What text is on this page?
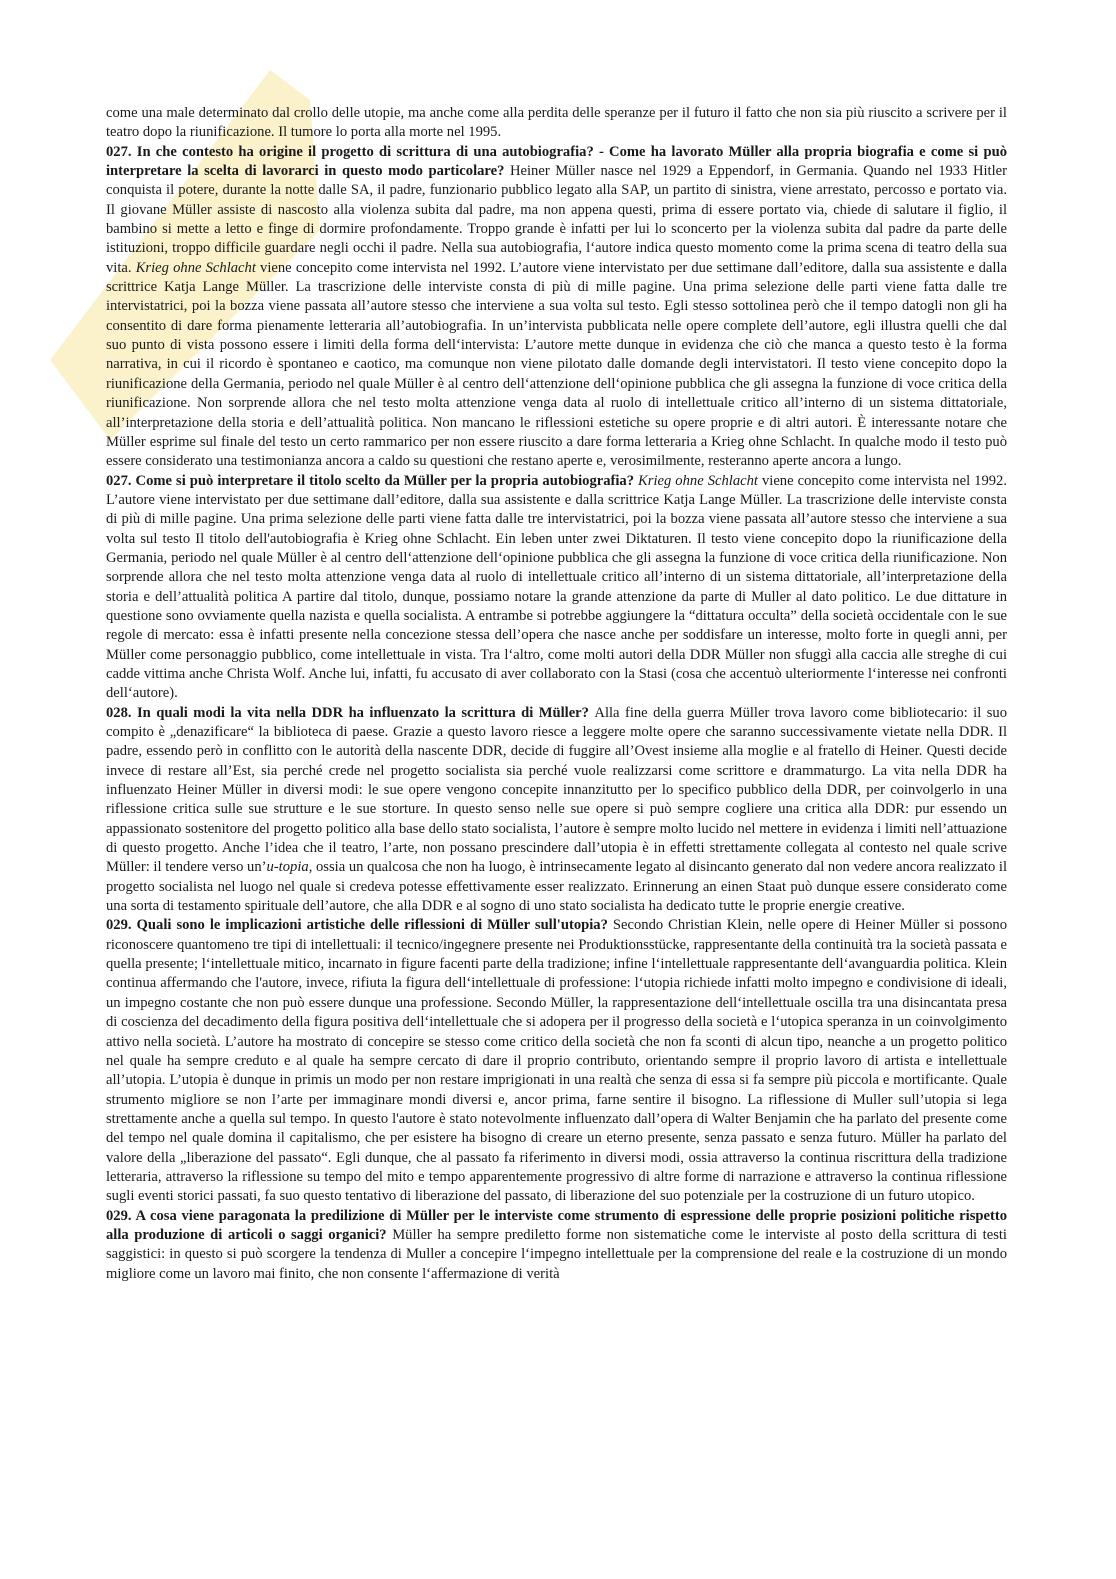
come una male determinato dal crollo delle utopie, ma anche come alla perdita delle speranze per il futuro il fatto che non sia più riuscito a scrivere per il teatro dopo la riunificazione. Il tumore lo porta alla morte nel 1995.

027. In che contesto ha origine il progetto di scrittura di una autobiografia? - Come ha lavorato Müller alla propria biografia e come si può interpretare la scelta di lavorarci in questo modo particolare? Heiner Müller nasce nel 1929 a Eppendorf, in Germania. Quando nel 1933 Hitler conquista il potere, durante la notte dalle SA, il padre, funzionario pubblico legato alla SAP, un partito di sinistra, viene arrestato, percosso e portato via. Il giovane Müller assiste di nascosto alla violenza subita dal padre, ma non appena questi, prima di essere portato via, chiede di salutare il figlio, il bambino si mette a letto e finge di dormire profondamente. Troppo grande è infatti per lui lo sconcerto per la violenza subita dal padre da parte delle istituzioni, troppo difficile guardare negli occhi il padre. Nella sua autobiografia, l‘autore indica questo momento come la prima scena di teatro della sua vita. Krieg ohne Schlacht viene concepito come intervista nel 1992. L’autore viene intervistato per due settimane dall’editore, dalla sua assistente e dalla scrittrice Katja Lange Müller. La trascrizione delle interviste consta di più di mille pagine. Una prima selezione delle parti viene fatta dalle tre intervistatrici, poi la bozza viene passata all’autore stesso che interviene a sua volta sul testo. Egli stesso sottolinea però che il tempo datogli non gli ha consentito di dare forma pienamente letteraria all’autobiografia. In un’intervista pubblicata nelle opere complete dell’autore, egli illustra quelli che dal suo punto di vista possono essere i limiti della forma dell‘intervista: L’autore mette dunque in evidenza che ciò che manca a questo testo è la forma narrativa, in cui il ricordo è spontaneo e caotico, ma comunque non viene pilotato dalle domande degli intervistatori. Il testo viene concepito dopo la riunificazione della Germania, periodo nel quale Müller è al centro dell‘attenzione dell‘opinione pubblica che gli assegna la funzione di voce critica della riunificazione. Non sorprende allora che nel testo molta attenzione venga data al ruolo di intellettuale critico all’interno di un sistema dittatoriale, all’interpretazione della storia e dell’attualità politica. Non mancano le riflessioni estetiche su opere proprie e di altri autori. È interessante notare che Müller esprime sul finale del testo un certo rammarico per non essere riuscito a dare forma letteraria a Krieg ohne Schlacht. In qualche modo il testo può essere considerato una testimonianza ancora a caldo su questioni che restano aperte e, verosimilmente, resteranno aperte ancora a lungo.

027. Come si può interpretare il titolo scelto da Müller per la propria autobiografia? Krieg ohne Schlacht viene concepito come intervista nel 1992. L’autore viene intervistato per due settimane dall’editore, dalla sua assistente e dalla scrittrice Katja Lange Müller. La trascrizione delle interviste consta di più di mille pagine. Una prima selezione delle parti viene fatta dalle tre intervistatrici, poi la bozza viene passata all’autore stesso che interviene a sua volta sul testo Il titolo dell'autobiografia è Krieg ohne Schlacht. Ein leben unter zwei Diktaturen. Il testo viene concepito dopo la riunificazione della Germania, periodo nel quale Müller è al centro dell‘attenzione dell‘opinione pubblica che gli assegna la funzione di voce critica della riunificazione. Non sorprende allora che nel testo molta attenzione venga data al ruolo di intellettuale critico all’interno di un sistema dittatoriale, all’interpretazione della storia e dell’attualità politica A partire dal titolo, dunque, possiamo notare la grande attenzione da parte di Muller al dato politico. Le due dittature in questione sono ovviamente quella nazista e quella socialista. A entrambe si potrebbe aggiungere la “dittatura occulta” della società occidentale con le sue regole di mercato: essa è infatti presente nella concezione stessa dell’opera che nasce anche per soddisfare un interesse, molto forte in quegli anni, per Müller come personaggio pubblico, come intellettuale in vista. Tra l‘altro, come molti autori della DDR Müller non sfuggì alla caccia alle streghe di cui cadde vittima anche Christa Wolf. Anche lui, infatti, fu accusato di aver collaborato con la Stasi (cosa che accentuò ulteriormente l‘interesse nei confronti dell‘autore).

028. In quali modi la vita nella DDR ha influenzato la scrittura di Müller? Alla fine della guerra Müller trova lavoro come bibliotecario: il suo compito è „denazificare“ la biblioteca di paese. Grazie a questo lavoro riesce a leggere molte opere che saranno successivamente vietate nella DDR. Il padre, essendo però in conflitto con le autorità della nascente DDR, decide di fuggire all’Ovest insieme alla moglie e al fratello di Heiner. Questi decide invece di restare all’Est, sia perché crede nel progetto socialista sia perché vuole realizzarsi come scrittore e drammaturgo. La vita nella DDR ha influenzato Heiner Müller in diversi modi: le sue opere vengono concepite innanzitutto per lo specifico pubblico della DDR, per coinvolgerlo in una riflessione critica sulle sue strutture e le sue storture. In questo senso nelle sue opere si può sempre cogliere una critica alla DDR: pur essendo un appassionato sostenitore del progetto politico alla base dello stato socialista, l’autore è sempre molto lucido nel mettere in evidenza i limiti nell’attuazione di questo progetto. Anche l’idea che il teatro, l’arte, non possano prescindere dall’utopia è in effetti strettamente collegata al contesto nel quale scrive Müller: il tendere verso un’u-topia, ossia un qualcosa che non ha luogo, è intrinsecamente legato al disincanto generato dal non vedere ancora realizzato il progetto socialista nel luogo nel quale si credeva potesse effettivamente esser realizzato. Erinnerung an einen Staat può dunque essere considerato come una sorta di testamento spirituale dell’autore, che alla DDR e al sogno di uno stato socialista ha dedicato tutte le proprie energie creative.

029. Quali sono le implicazioni artistiche delle riflessioni di Müller sull'utopia? Secondo Christian Klein, nelle opere di Heiner Müller si possono riconoscere quantomeno tre tipi di intellettuali: il tecnico/ingegnere presente nei Produktionsstücke, rappresentante della continuità tra la società passata e quella presente; l‘intellettuale mitico, incarnato in figure facenti parte della tradizione; infine l‘intellettuale rappresentante dell‘avanguardia politica. Klein continua affermando che l'autore, invece, rifiuta la figura dell‘intellettuale di professione: l‘utopia richiede infatti molto impegno e condivisione di ideali, un impegno costante che non può essere dunque una professione. Secondo Müller, la rappresentazione dell‘intellettuale oscilla tra una disincantata presa di coscienza del decadimento della figura positiva dell‘intellettuale che si adopera per il progresso della società e l‘utopica speranza in un coinvolgimento attivo nella società. L’autore ha mostrato di concepire se stesso come critico della società che non fa sconti di alcun tipo, neanche a un progetto politico nel quale ha sempre creduto e al quale ha sempre cercato di dare il proprio contributo, orientando sempre il proprio lavoro di artista e intellettuale all’utopia. L’utopia è dunque in primis un modo per non restare imprigionati in una realtà che senza di essa si fa sempre più piccola e mortificante. Quale strumento migliore se non l’arte per immaginare mondi diversi e, ancor prima, farne sentire il bisogno. La riflessione di Muller sull’utopia si lega strettamente anche a quella sul tempo. In questo l'autore è stato notevolmente influenzato dall’opera di Walter Benjamin che ha parlato del presente come del tempo nel quale domina il capitalismo, che per esistere ha bisogno di creare un eterno presente, senza passato e senza futuro. Müller ha parlato del valore della „liberazione del passato“. Egli dunque, che al passato fa riferimento in diversi modi, ossia attraverso la continua riscrittura della tradizione letteraria, attraverso la riflessione su tempo del mito e tempo apparentemente progressivo di altre forme di narrazione e attraverso la continua riflessione sugli eventi storici passati, fa suo questo tentativo di liberazione del passato, di liberazione del suo potenziale per la costruzione di un futuro utopico.

029. A cosa viene paragonata la predilizione di Müller per le interviste come strumento di espressione delle proprie posizioni politiche rispetto alla produzione di articoli o saggi organici? Müller ha sempre prediletto forme non sistematiche come le interviste al posto della scrittura di testi saggistici: in questo si può scorgere la tendenza di Muller a concepire l‘impegno intellettuale per la comprensione del reale e la costruzione di un mondo migliore come un lavoro mai finito, che non consente l‘affermazione di verità
